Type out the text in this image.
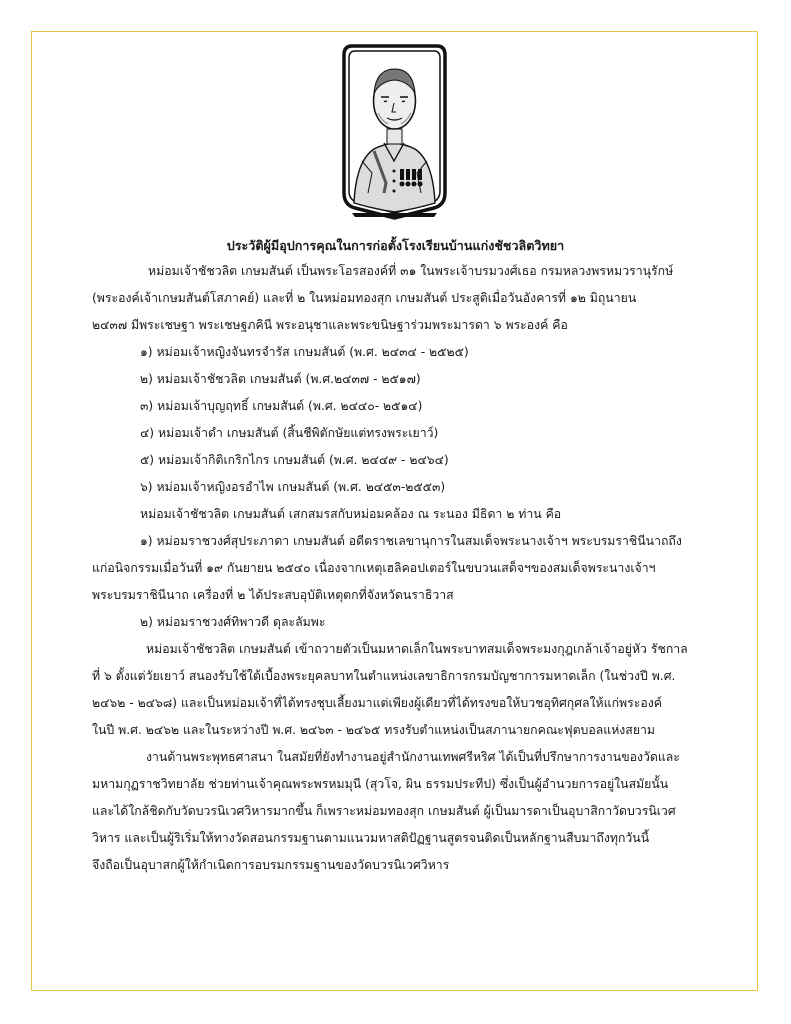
ประวัติผู้มีอุปการคุณในการก่อตั้งโรงเรียนบ้านแก่งชัชวลิตวิทยา
หม่อมเจ้าชัชวลิต เกษมสันต์ เป็นพระโอรสองค์ที่ ๓๑ ในพระเจ้าบรมวงศ์เธอ กรมหลวงพรหมวรานุรักษ์
(พระองค์เจ้าเกษมสันต์โสภาคย์) และที่ ๒ ในหม่อมทองสุก เกษมสันต์ ประสูติเมื่อวันอังคารที่ ๑๒ มิถุนายน
๒๔๓๗ มีพระเชษฐา พระเชษฐภคินี พระอนุชาและพระขนิษฐาร่วมพระมารดา ๖ พระองค์ คือ
๑) หม่อมเจ้าหญิงจันทรจำรัส เกษมสันต์ (พ.ศ. ๒๔๓๔ - ๒๕๒๕)
๒) หม่อมเจ้าชัชวลิต เกษมสันต์ (พ.ศ.๒๔๓๗ - ๒๕๑๗)
๓) หม่อมเจ้าบุญฤทธิ์ เกษมสันต์ (พ.ศ. ๒๔๔๐- ๒๕๑๔)
๔) หม่อมเจ้าดำ เกษมสันต์ (สิ้นชีพิตักษัยแต่ทรงพระเยาว์)
๕) หม่อมเจ้ากิติเกริกไกร เกษมสันต์ (พ.ศ. ๒๔๔๙ - ๒๔๖๔)
๖) หม่อมเจ้าหญิงอรอำไพ เกษมสันต์ (พ.ศ. ๒๔๕๓-๒๕๕๓)
หม่อมเจ้าชัชวลิต เกษมสันต์ เสกสมรสกับหม่อมคล้อง ณ ระนอง มีธิดา ๒ ท่าน คือ
๑) หม่อมราชวงศ์สุประภาดา เกษมสันต์ อดีตราชเลขานุการในสมเด็จพระนางเจ้าฯ พระบรมราชินีนาถถึง
แก่อนิจกรรมเมื่อวันที่ ๑๙ กันยายน ๒๕๔๐ เนื่องจากเหตุเฮลิคอปเตอร์ในขบวนเสด็จฯของสมเด็จพระนางเจ้าฯ
พระบรมราชินีนาถ เครื่องที่ ๒ ได้ประสบอุบัติเหตุตกที่จังหวัดนราธิวาส
๒) หม่อมราชวงศ์ทิพาวดี ดุละลัมพะ
หม่อมเจ้าชัชวลิต เกษมสันต์ เข้าถวายตัวเป็นมหาดเล็กในพระบาทสมเด็จพระมงกุฎเกล้าเจ้าอยู่หัว รัชกาล
ที่ ๖ ตั้งแต่วัยเยาว์ สนองรับใช้ใต้เบื้องพระยุคลบาทในตำแหน่งเลขาธิการกรมบัญชาการมหาดเล็ก (ในช่วงปี พ.ศ.
๒๔๖๒ - ๒๔๖๘) และเป็นหม่อมเจ้าที่ได้ทรงชุบเลี้ยงมาแต่เพียงผู้เดียวที่ได้ทรงขอให้บวชอุทิศกุศลให้แก่พระองค์
ในปี พ.ศ. ๒๔๖๒ และในระหว่างปี พ.ศ. ๒๔๖๓ - ๒๔๖๕ ทรงรับตำแหน่งเป็นสภานายกคณะฟุตบอลแห่งสยาม
งานด้านพระพุทธศาสนา ในสมัยที่ยังทำงานอยู่สำนักงานเทพศรีหริศ ได้เป็นที่ปรึกษาการงานของวัดและ
มหามกุฏราชวิทยาลัย ช่วยท่านเจ้าคุณพระพรหมมุนี (สุวโจ, ผิน ธรรมประทีป) ซึ่งเป็นผู้อำนวยการอยู่ในสมัยนั้น
และได้ใกล้ชิดกับวัดบวรนิเวศวิหารมากขึ้น ก็เพราะหม่อมทองสุก เกษมสันต์ ผู้เป็นมารดาเป็นอุบาสิกาวัดบวรนิเวศ
วิหาร และเป็นผู้ริเริ่มให้ทางวัดสอนกรรมฐานตามแนวมหาสติปัฏฐานสูตรจนติดเป็นหลักฐานสืบมาถึงทุกวันนี้
จึงถือเป็นอุบาสกผู้ให้กำเนิดการอบรมกรรมฐานของวัดบวรนิเวศวิหาร
